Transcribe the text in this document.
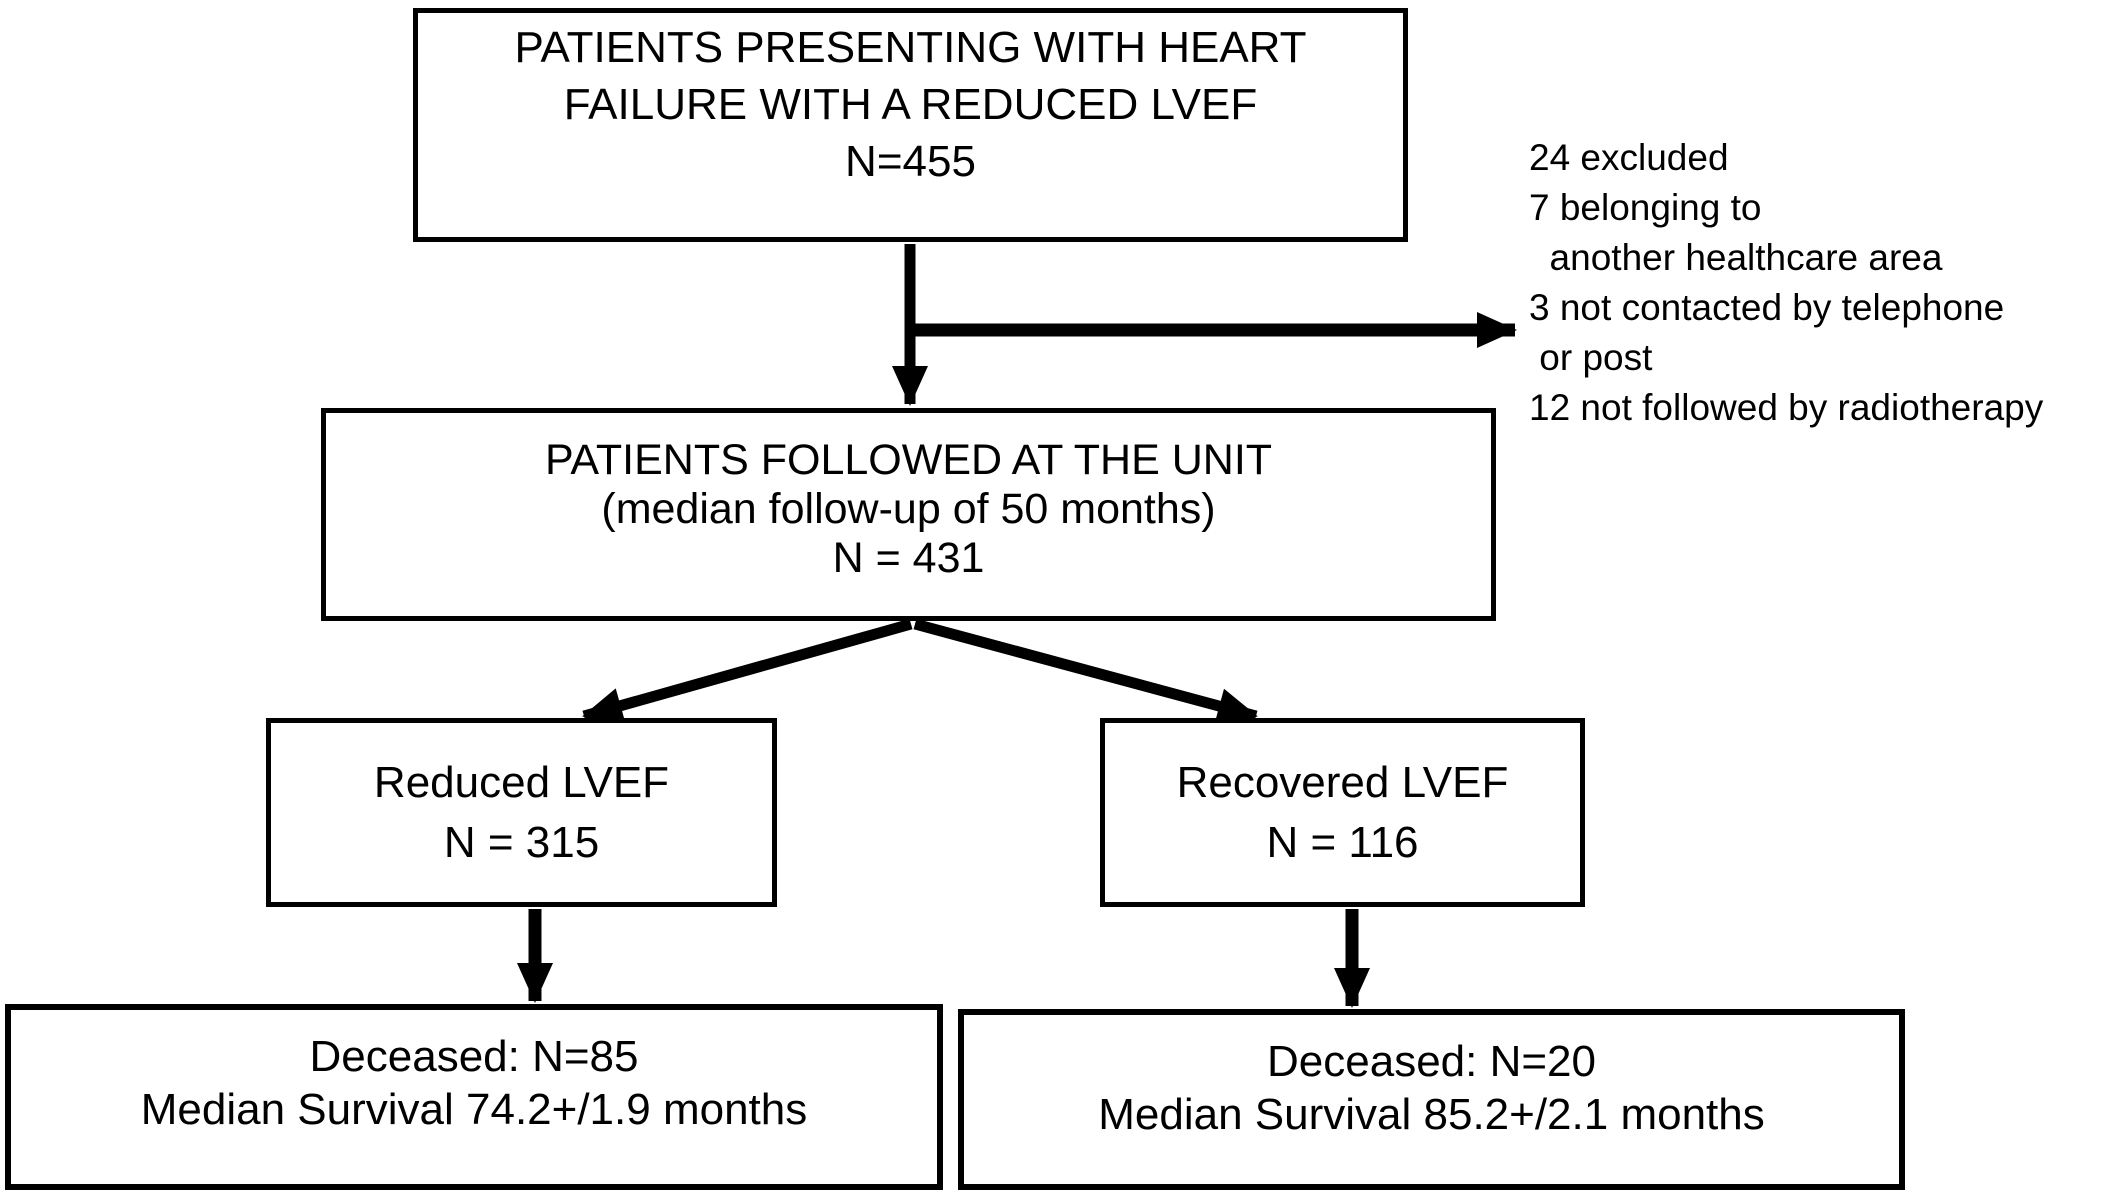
PATIENTS PRESENTING WITH HEART
FAILURE WITH A REDUCED LVEF
N=455	24 excluded
7 belonging to
another healthcare area
3 not contacted by telephone
or post
12 not followed by radiotherapy
PATIENTS FOLLOWED AT THE UNIT
(median follow-up of 50 months)
N = 431
Reduced LVEF
N = 315
Recovered LVEF
N = 116
Deceased: N=85
Median Survival 74.2+/1.9 months
Deceased: N=20
Median Survival 85.2+/2.1 months
